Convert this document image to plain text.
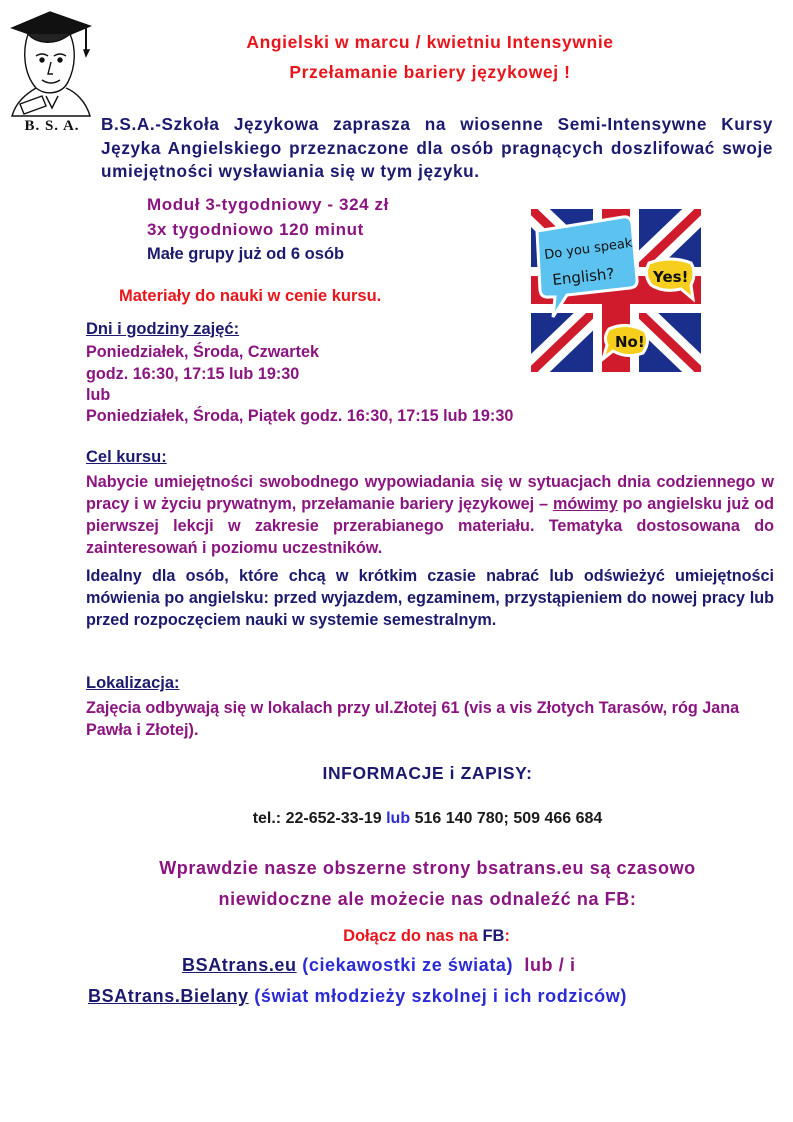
B. S. A.
Angielski w marcu / kwietniu Intensywnie
Przełamanie bariery językowej !
B.S.A.-Szkoła Językowa zaprasza na wiosenne Semi-Intensywne Kursy Języka Angielskiego przeznaczone dla osób pragnących doszlifować swoje umiejętności wysławiania się w tym języku.
Moduł 3-tygodniowy - 324 zł
3x tygodniowo 120 minut
Małe grupy już od 6 osób
Materiały do nauki w cenie kursu.
Do you speak
English?	Yes!
No!
Dni i godziny zajęć:
Poniedziałek, Środa, Czwartek
godz. 16:30, 17:15 lub 19:30
lub
Poniedziałek, Środa, Piątek godz. 16:30, 17:15 lub 19:30
Cel kursu:
Nabycie umiejętności swobodnego wypowiadania się w sytuacjach dnia codziennego w pracy i w życiu prywatnym, przełamanie bariery językowej – mówimy po angielsku już od pierwszej lekcji w zakresie przerabianego materiału. Tematyka dostosowana do zainteresowań i poziomu uczestników.
Idealny dla osób, które chcą w krótkim czasie nabrać lub odświeżyć umiejętności mówienia po angielsku: przed wyjazdem, egzaminem, przystąpieniem do nowej pracy lub przed rozpoczęciem nauki w systemie semestralnym.
Lokalizacja:
Zajęcia odbywają się w lokalach przy ul.Złotej 61 (vis a vis Złotych Tarasów, róg Jana Pawła i Złotej).
INFORMACJE i ZAPISY:
tel.: 22-652-33-19 lub 516 140 780; 509 466 684
Wprawdzie nasze obszerne strony bsatrans.eu są czasowo
niewidoczne ale możecie nas odnaleźć na FB:
Dołącz do nas na FB:
BSAtrans.eu (ciekawostki ze świata) lub / i
BSAtrans.Bielany (świat młodzieży szkolnej i ich rodziców)
